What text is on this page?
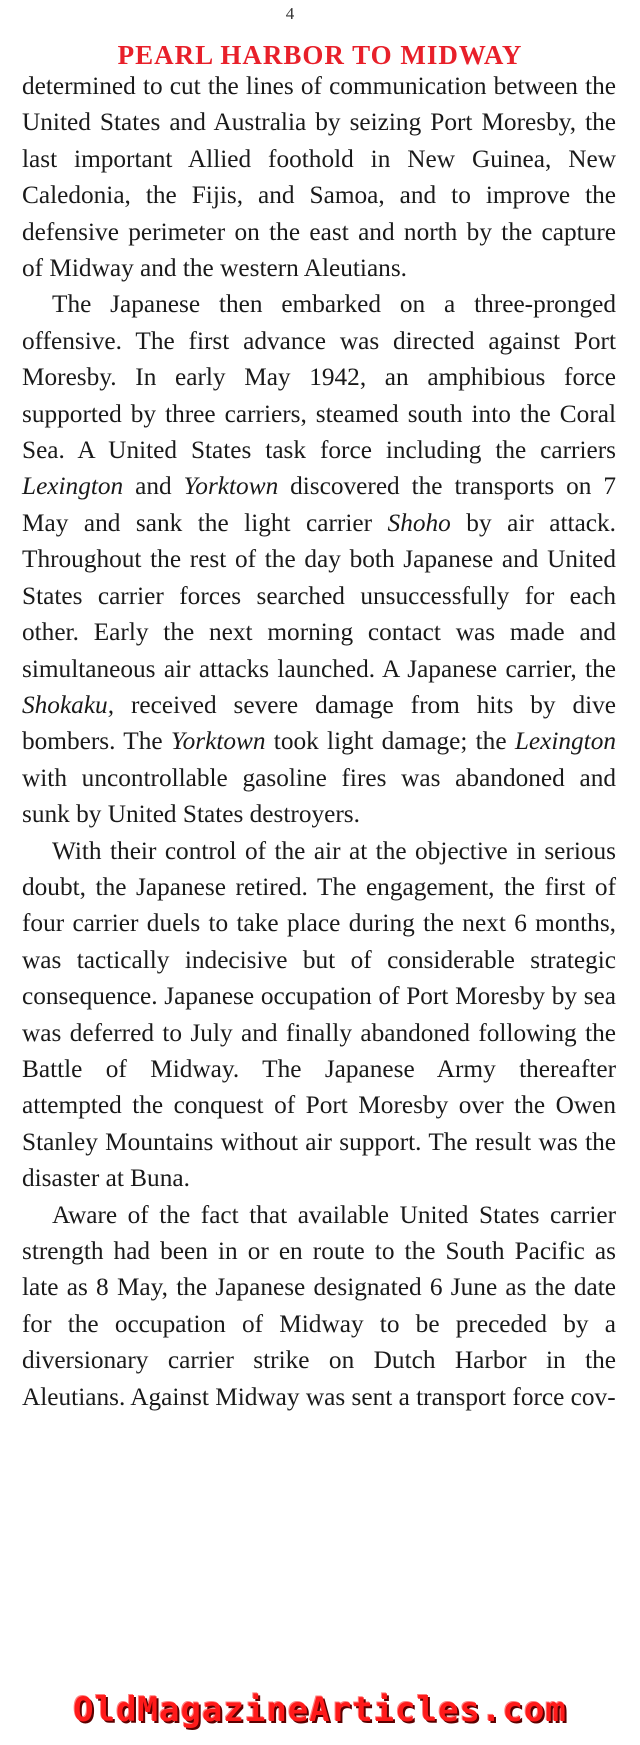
4
PEARL HARBOR TO MIDWAY

determined to cut the lines of communication between the United States and Australia by seizing Port Moresby, the last important Allied foothold in New Guinea, New Caledonia, the Fijis, and Samoa, and to improve the defensive perimeter on the east and north by the capture of Midway and the western Aleutians.

The Japanese then embarked on a three-pronged offensive. The first advance was directed against Port Moresby. In early May 1942, an amphibious force supported by three carriers, steamed south into the Coral Sea. A United States task force including the carriers Lexington and Yorktown discovered the transports on 7 May and sank the light carrier Shoho by air attack. Throughout the rest of the day both Japanese and United States carrier forces searched unsuccessfully for each other. Early the next morning contact was made and simultaneous air attacks launched. A Japanese carrier, the Shokaku, received severe damage from hits by dive bombers. The Yorktown took light damage; the Lexington with uncontrollable gasoline fires was abandoned and sunk by United States destroyers.

With their control of the air at the objective in serious doubt, the Japanese retired. The engagement, the first of four carrier duels to take place during the next 6 months, was tactically indecisive but of considerable strategic consequence. Japanese occupation of Port Moresby by sea was deferred to July and finally abandoned following the Battle of Midway. The Japanese Army thereafter attempted the conquest of Port Moresby over the Owen Stanley Mountains without air support. The result was the disaster at Buna.

Aware of the fact that available United States carrier strength had been in or en route to the South Pacific as late as 8 May, the Japanese designated 6 June as the date for the occupation of Midway to be preceded by a diversionary carrier strike on Dutch Harbor in the Aleutians. Against Midway was sent a transport force cov-

OldMagazineArticles.com
